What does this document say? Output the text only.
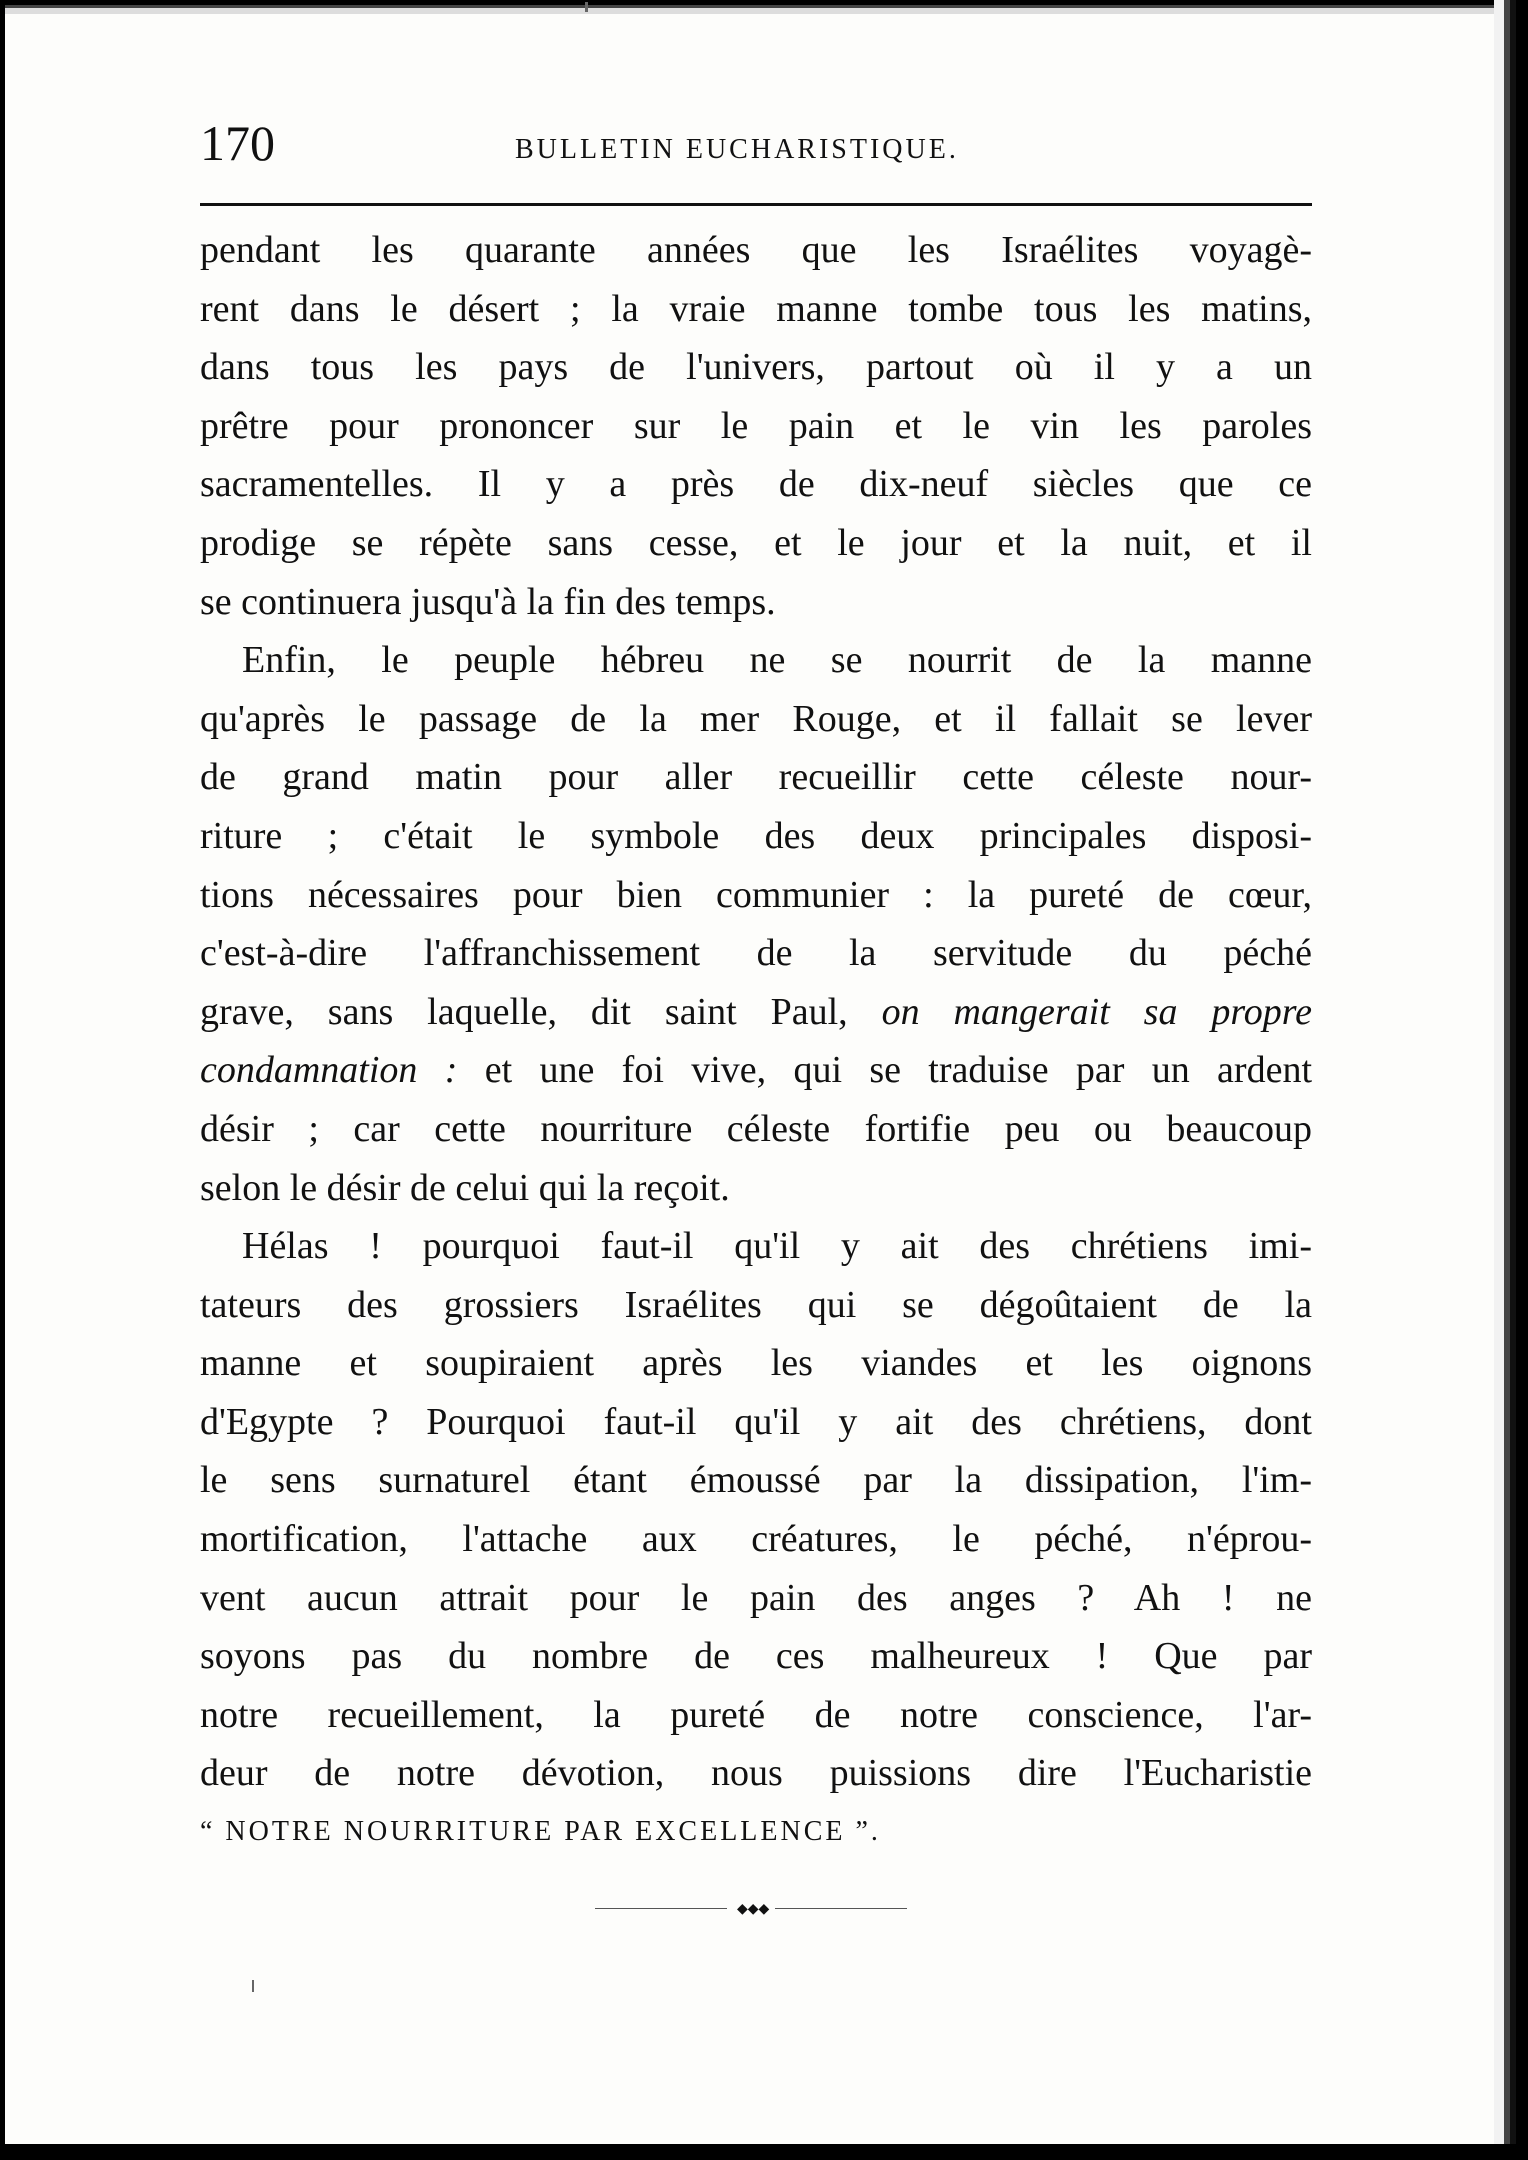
170	BULLETIN EUCHARISTIQUE.
pendant les quarante années que les Israélites voyagè-
rent dans le désert ; la vraie manne tombe tous les matins,
dans tous les pays de l'univers, partout où il y a un
prêtre pour prononcer sur le pain et le vin les paroles
sacramentelles. Il y a près de dix-neuf siècles que ce
prodige se répète sans cesse, et le jour et la nuit, et il
se continuera jusqu'à la fin des temps.
Enfin, le peuple hébreu ne se nourrit de la manne
qu'après le passage de la mer Rouge, et il fallait se lever
de grand matin pour aller recueillir cette céleste nour-
riture ; c'était le symbole des deux principales disposi-
tions nécessaires pour bien communier : la pureté de cœur,
c'est-à-dire l'affranchissement de la servitude du péché
grave, sans laquelle, dit saint Paul, on mangerait sa propre
condamnation : et une foi vive, qui se traduise par un ardent
désir ; car cette nourriture céleste fortifie peu ou beaucoup
selon le désir de celui qui la reçoit.
Hélas ! pourquoi faut-il qu'il y ait des chrétiens imi-
tateurs des grossiers Israélites qui se dégoûtaient de la
manne et soupiraient après les viandes et les oignons
d'Egypte ? Pourquoi faut-il qu'il y ait des chrétiens, dont
le sens surnaturel étant émoussé par la dissipation, l'im-
mortification, l'attache aux créatures, le péché, n'éprou-
vent aucun attrait pour le pain des anges ? Ah ! ne
soyons pas du nombre de ces malheureux ! Que par
notre recueillement, la pureté de notre conscience, l'ar-
deur de notre dévotion, nous puissions dire l'Eucharistie
“ NOTRE NOURRITURE PAR EXCELLENCE ”.
◆◆◆
